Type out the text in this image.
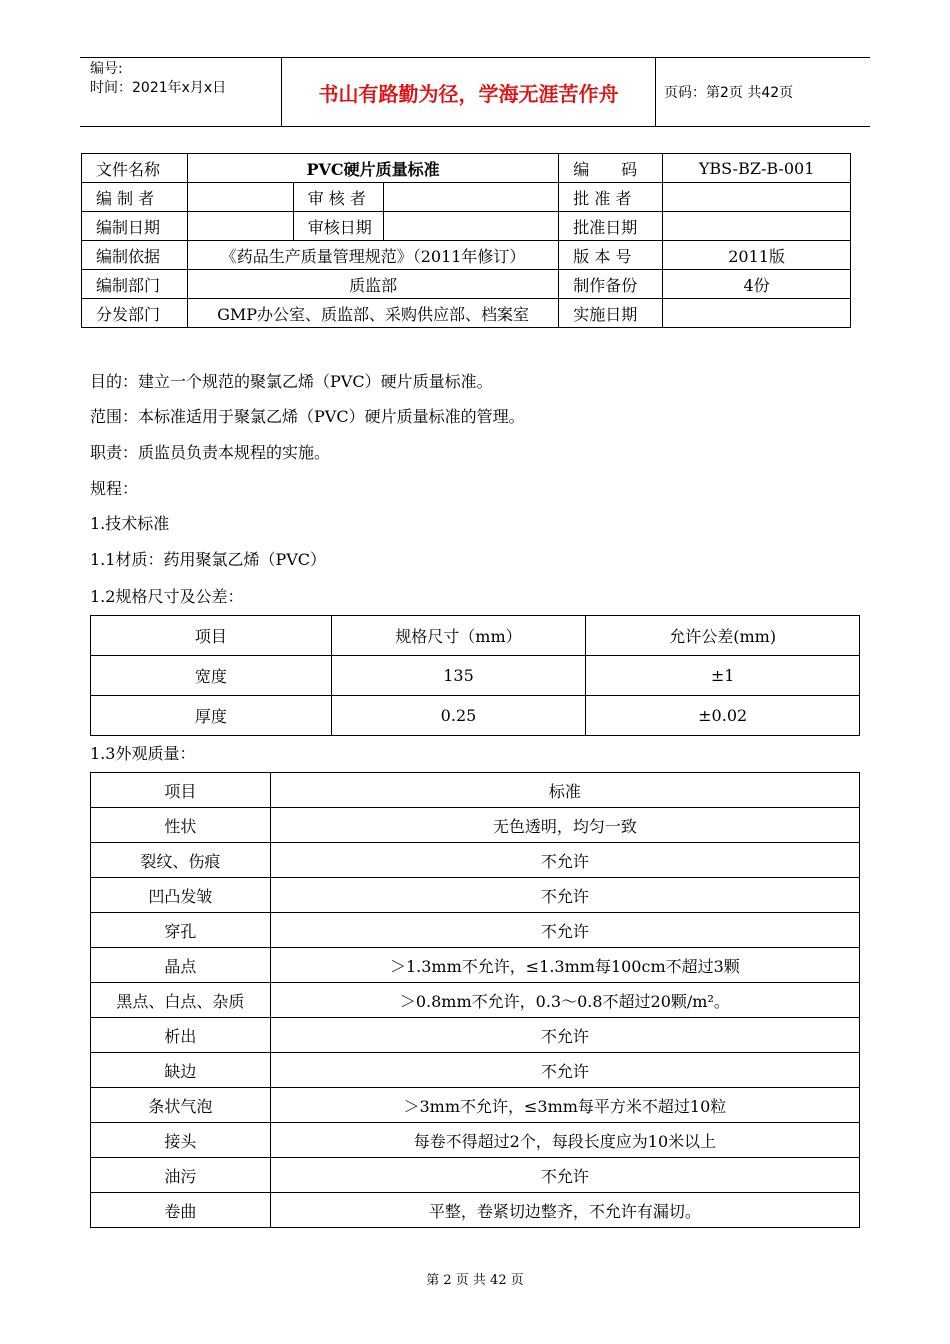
编号:
时间：2021年x月x日	书山有路勤为径，学海无涯苦作舟	页码：第2页 共42页
文件名称	PVC硬片质量标准			编　　码	YBS-BZ-B-001
编 制 者		审 核 者		批 准 者	
编制日期		审核日期		批准日期	
编制依据	《药品生产质量管理规范》（2011年修订）			版 本 号	2011版
编制部门	质监部			制作备份	4份
分发部门	GMP办公室、质监部、采购供应部、档案室			实施日期	
目的：建立一个规范的聚氯乙烯（PVC）硬片质量标准。
范围：本标准适用于聚氯乙烯（PVC）硬片质量标准的管理。
职责：质监员负责本规程的实施。
规程：
1.技术标准
1.1材质：药用聚氯乙烯（PVC）
1.2规格尺寸及公差：
项目	规格尺寸（mm）	允许公差(mm)
宽度	135	±1
厚度	0.25	±0.02
1.3外观质量：
项目	标准
性状	无色透明，均匀一致
裂纹、伤痕	不允许
凹凸发皱	不允许
穿孔	不允许
晶点	＞1.3mm不允许，≤1.3mm每100cm不超过3颗
黑点、白点、杂质	＞0.8mm不允许，0.3～0.8不超过20颗/m²。
析出	不允许
缺边	不允许
条状气泡	＞3mm不允许，≤3mm每平方米不超过10粒
接头	每卷不得超过2个，每段长度应为10米以上
油污	不允许
卷曲	平整，卷紧切边整齐，不允许有漏切。
第 2 页 共 42 页
